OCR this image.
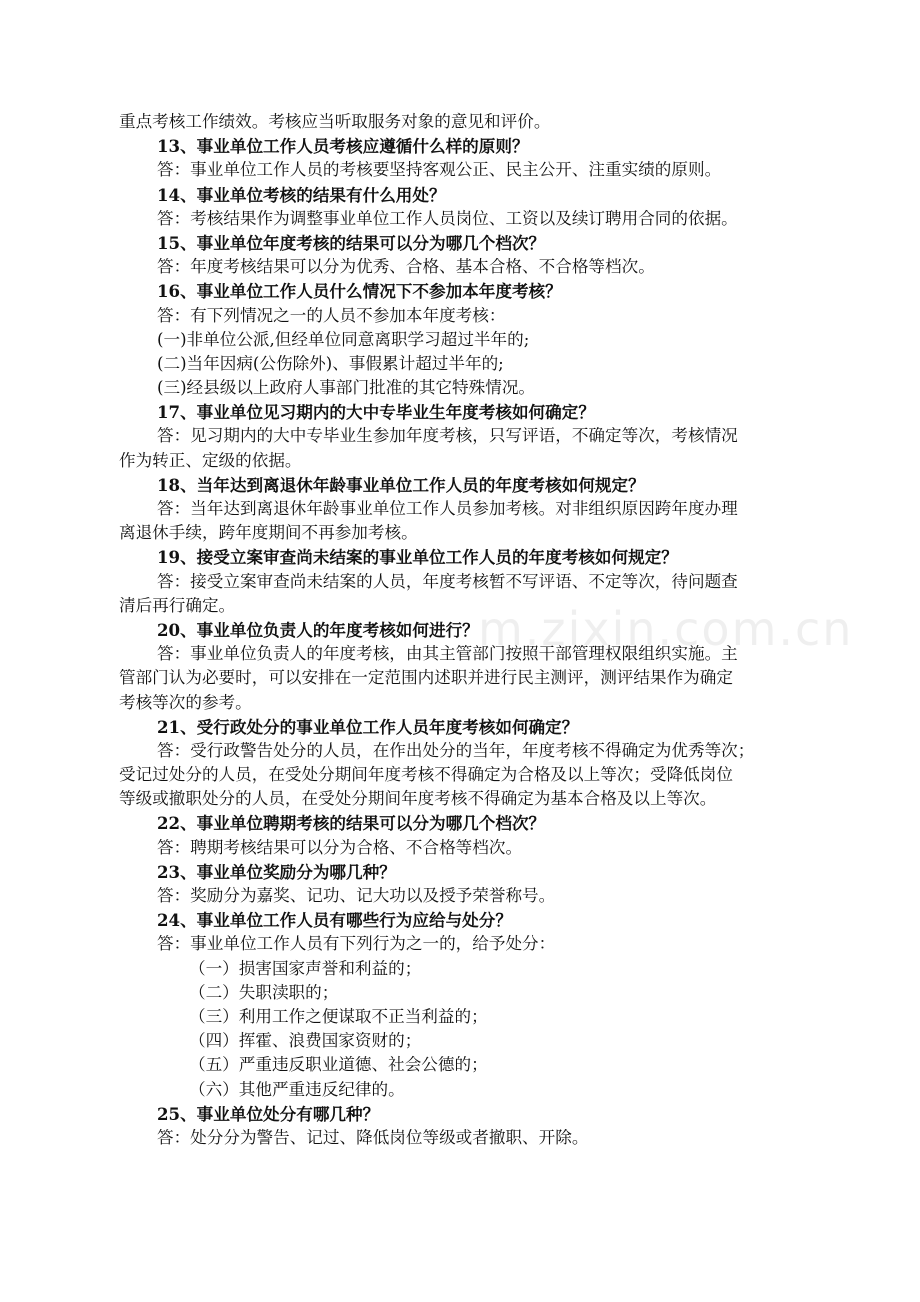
m.zixin.com.cn
重点考核工作绩效。考核应当听取服务对象的意见和评价。
13、事业单位工作人员考核应遵循什么样的原则？
答：事业单位工作人员的考核要坚持客观公正、民主公开、注重实绩的原则。
14、事业单位考核的结果有什么用处？
答：考核结果作为调整事业单位工作人员岗位、工资以及续订聘用合同的依据。
15、事业单位年度考核的结果可以分为哪几个档次？
答：年度考核结果可以分为优秀、合格、基本合格、不合格等档次。
16、事业单位工作人员什么情况下不参加本年度考核？
答：有下列情况之一的人员不参加本年度考核：
(一)非单位公派,但经单位同意离职学习超过半年的;
(二)当年因病(公伤除外)、事假累计超过半年的;
(三)经县级以上政府人事部门批准的其它特殊情况。
17、事业单位见习期内的大中专毕业生年度考核如何确定？
答：见习期内的大中专毕业生参加年度考核，只写评语，不确定等次，考核情况
作为转正、定级的依据。
18、当年达到离退休年龄事业单位工作人员的年度考核如何规定？
答：当年达到离退休年龄事业单位工作人员参加考核。对非组织原因跨年度办理
离退休手续，跨年度期间不再参加考核。
19、接受立案审查尚未结案的事业单位工作人员的年度考核如何规定？
答：接受立案审查尚未结案的人员，年度考核暂不写评语、不定等次，待问题查
清后再行确定。
20、事业单位负责人的年度考核如何进行？
答：事业单位负责人的年度考核，由其主管部门按照干部管理权限组织实施。主
管部门认为必要时，可以安排在一定范围内述职并进行民主测评，测评结果作为确定
考核等次的参考。
21、受行政处分的事业单位工作人员年度考核如何确定？
答：受行政警告处分的人员，在作出处分的当年，年度考核不得确定为优秀等次；
受记过处分的人员，在受处分期间年度考核不得确定为合格及以上等次；受降低岗位
等级或撤职处分的人员，在受处分期间年度考核不得确定为基本合格及以上等次。
22、事业单位聘期考核的结果可以分为哪几个档次？
答：聘期考核结果可以分为合格、不合格等档次。
23、事业单位奖励分为哪几种？
答：奖励分为嘉奖、记功、记大功以及授予荣誉称号。
24、事业单位工作人员有哪些行为应给与处分？
答：事业单位工作人员有下列行为之一的，给予处分：
（一）损害国家声誉和利益的；
（二）失职渎职的；
（三）利用工作之便谋取不正当利益的；
（四）挥霍、浪费国家资财的；
（五）严重违反职业道德、社会公德的；
（六）其他严重违反纪律的。
25、事业单位处分有哪几种？
答：处分分为警告、记过、降低岗位等级或者撤职、开除。
